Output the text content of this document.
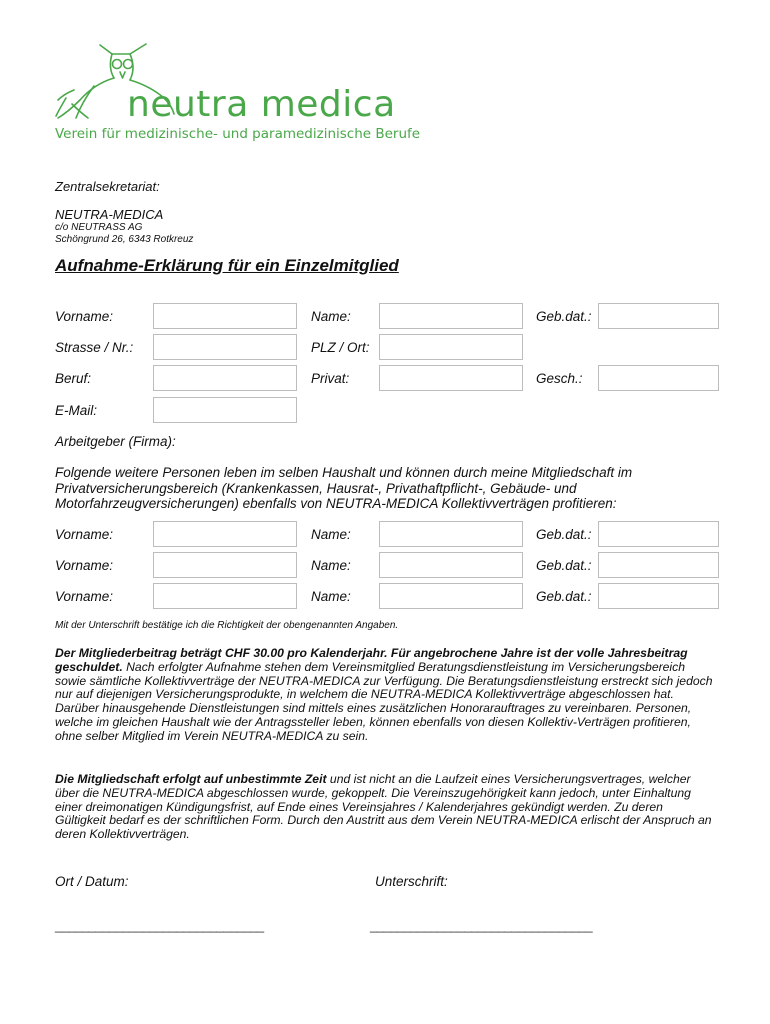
neutra medica
Verein für medizinische- und paramedizinische Berufe
Zentralsekretariat:
NEUTRA-MEDICA
c/o NEUTRASS AG
Schöngrund 26, 6343 Rotkreuz
Aufnahme-Erklärung für ein Einzelmitglied
Vorname:	Name:	Geb.dat.:
Strasse / Nr.:	PLZ / Ort:
Beruf:	Privat:	Gesch.:
E-Mail:
Arbeitgeber (Firma):
Folgende weitere Personen leben im selben Haushalt und können durch meine Mitgliedschaft im Privatversicherungsbereich (Krankenkassen, Hausrat-, Privathaftpflicht-, Gebäude- und Motorfahrzeugversicherungen) ebenfalls von NEUTRA-MEDICA Kollektivverträgen profitieren:
Vorname:	Name:	Geb.dat.:
Vorname:	Name:	Geb.dat.:
Vorname:	Name:	Geb.dat.:
Mit der Unterschrift bestätige ich die Richtigkeit der obengenannten Angaben.
Der Mitgliederbeitrag beträgt CHF 30.00 pro Kalenderjahr. Für angebrochene Jahre ist der volle Jahresbeitrag geschuldet. Nach erfolgter Aufnahme stehen dem Vereinsmitglied Beratungsdienstleistung im Versicherungsbereich sowie sämtliche Kollektivverträge der NEUTRA-MEDICA zur Verfügung. Die Beratungsdienstleistung erstreckt sich jedoch nur auf diejenigen Versicherungsprodukte, in welchem die NEUTRA-MEDICA Kollektivverträge abgeschlossen hat. Darüber hinausgehende Dienstleistungen sind mittels eines zusätzlichen Honorarauftrages zu vereinbaren. Personen, welche im gleichen Haushalt wie der Antragssteller leben, können ebenfalls von diesen Kollektiv-Verträgen profitieren, ohne selber Mitglied im Verein NEUTRA-MEDICA zu sein.
Die Mitgliedschaft erfolgt auf unbestimmte Zeit und ist nicht an die Laufzeit eines Versicherungsvertrages, welcher über die NEUTRA-MEDICA abgeschlossen wurde, gekoppelt. Die Vereinszugehörigkeit kann jedoch, unter Einhaltung einer dreimonatigen Kündigungsfrist, auf Ende eines Vereinsjahres / Kalenderjahres gekündigt werden. Zu deren Gültigkeit bedarf es der schriftlichen Form. Durch den Austritt aus dem Verein NEUTRA-MEDICA erlischt der Anspruch an deren Kollektivverträgen.
Ort / Datum:	Unterschrift:
_______________________________	_________________________________
